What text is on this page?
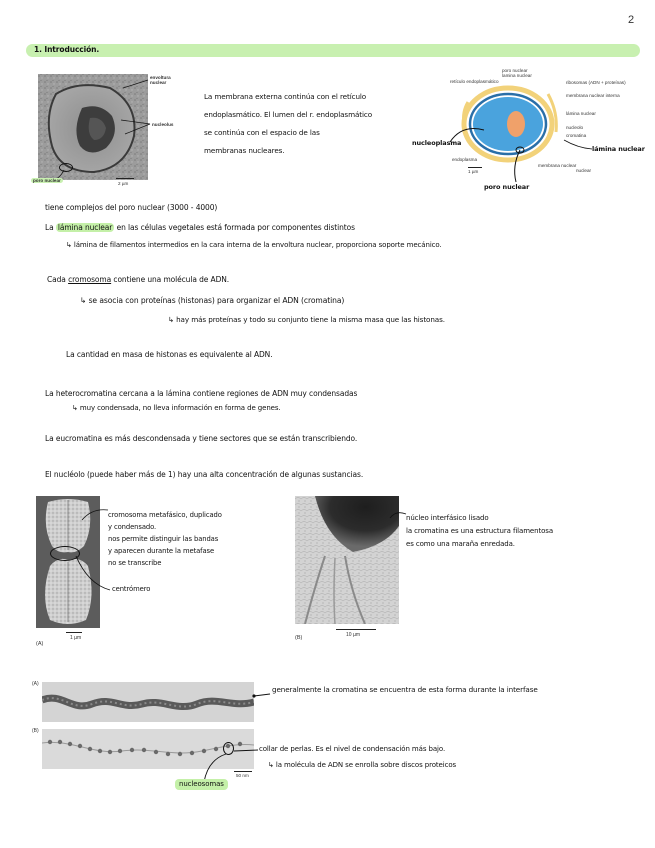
2
1. Introducción.
envoltura nuclear
nucleolus
poro nuclear
2 µm
La membrana externa continúa con el retículo
endoplasmático. El lumen del r. endoplasmático
se continúa con el espacio de las
membranas nucleares.
poro nuclear
lamina nuclear
retículo endoplasmático	ribosomas (ADN + proteínas)
membrana nuclear interna
lámina nuclear
nucleolo
cromatina
membrana nuclear
nuclear
endoplasma
1 µm
nucleoplasma
lámina nuclear
poro nuclear
tiene complejos del poro nuclear (3000 - 4000)
La lámina nuclear en las células vegetales está formada por componentes distintos
↳ lámina de filamentos intermedios en la cara interna de la envoltura nuclear, proporciona soporte mecánico.
Cada cromosoma contiene una molécula de ADN.
↳ se asocia con proteínas (histonas) para organizar el ADN (cromatina)
↳ hay más proteínas y todo su conjunto tiene la misma masa que las histonas.
La cantidad en masa de histonas es equivalente al ADN.
La heterocromatina cercana a la lámina contiene regiones de ADN muy condensadas
↳ muy condensada, no lleva información en forma de genes.
La eucromatina es más descondensada y tiene sectores que se están transcribiendo.
El nucléolo (puede haber más de 1) hay una alta concentración de algunas sustancias.
(A)
1 µm
cromosoma metafásico, duplicado
y condensado.
nos permite distinguir las bandas
y aparecen durante la metafase
no se transcribe
centrómero
(B)	10 µm
núcleo interfásico lisado
la cromatina es una estructura filamentosa
es como una maraña enredada.
(A)
generalmente la cromatina se encuentra de esta forma durante la interfase
(B)
50 nm
collar de perlas. Es el nivel de condensación más bajo.
↳ la molécula de ADN se enrolla sobre discos proteicos
nucleosomas
